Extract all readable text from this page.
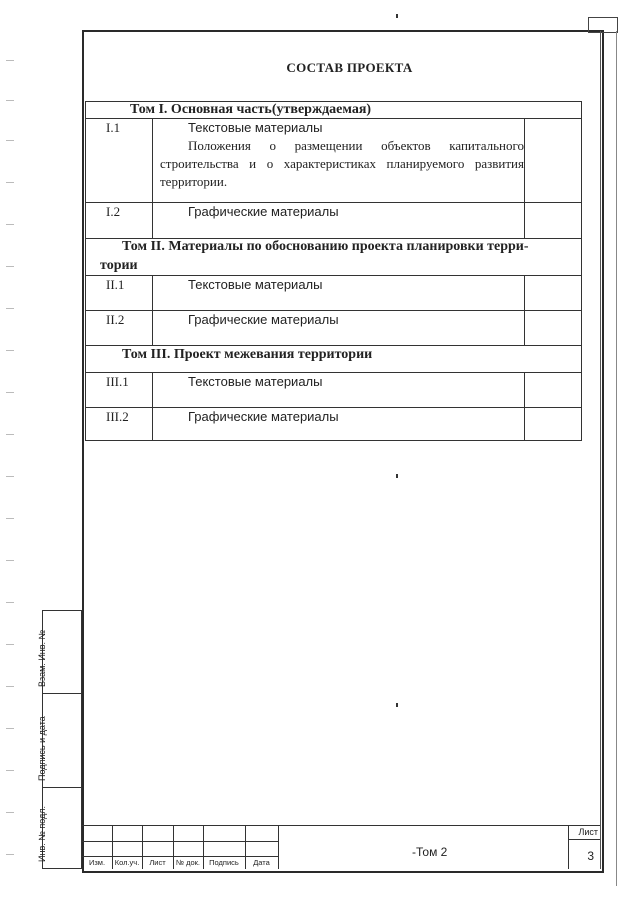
СОСТАВ ПРОЕКТА
Том I. Основная часть(утверждаемая)
I.1	Текстовые материалы
Положения о размещении объектов капитального строительства и о характеристиках планируемого развития территории.
I.2	Графические материалы
Том II. Материалы по обоснованию проекта планировки терри-
тории
II.1	Текстовые материалы
II.2	Графические материалы
Том III. Проект межевания территории
III.1	Текстовые материалы
III.2	Графические материалы
Взам. Инв. №
Подпись и дата
Инв. № подл.
Изм.	Кол.уч.	Лист	№ док.	Подпись	Дата
-Том 2
Лист
3
